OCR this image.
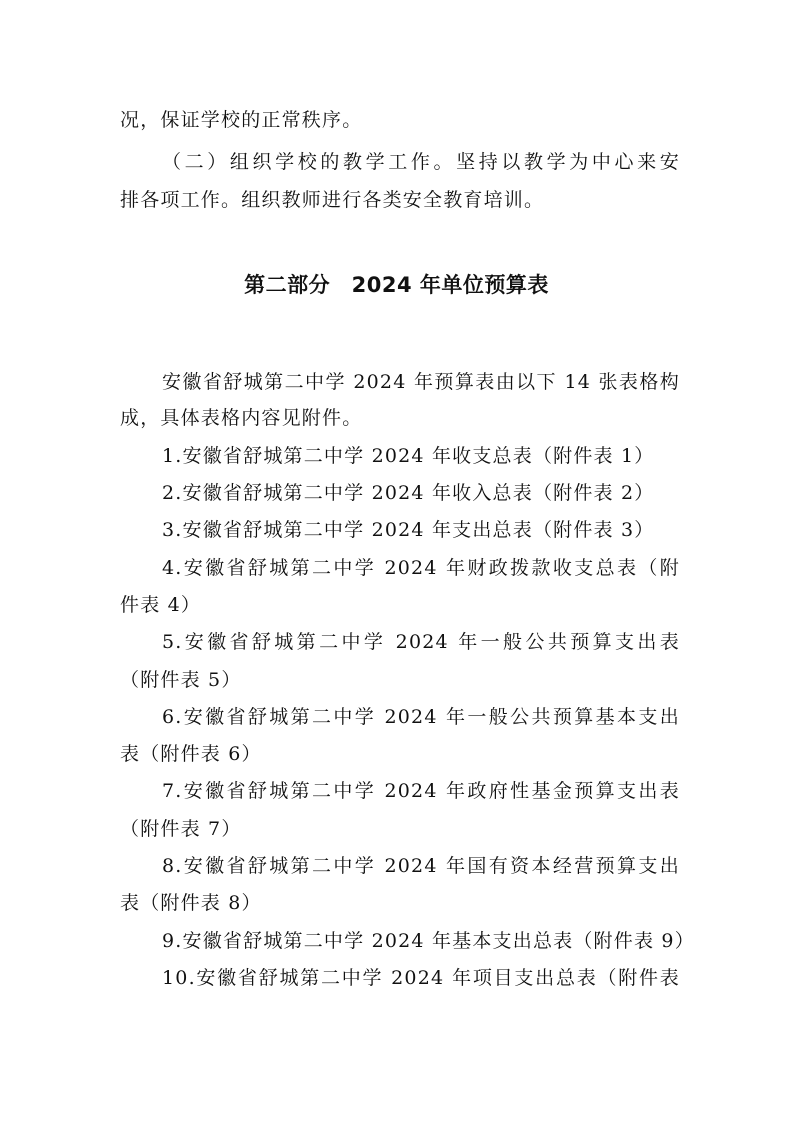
况，保证学校的正常秩序。
（二）组织学校的教学工作。坚持以教学为中心来安
排各项工作。组织教师进行各类安全教育培训。
第二部分　2024 年单位预算表
安徽省舒城第二中学 2024 年预算表由以下 14 张表格构
成，具体表格内容见附件。
1.安徽省舒城第二中学 2024 年收支总表（附件表 1）
2.安徽省舒城第二中学 2024 年收入总表（附件表 2）
3.安徽省舒城第二中学 2024 年支出总表（附件表 3）
4.安徽省舒城第二中学 2024 年财政拨款收支总表（附
件表 4）
5.安徽省舒城第二中学 2024 年一般公共预算支出表
（附件表 5）
6.安徽省舒城第二中学 2024 年一般公共预算基本支出
表（附件表 6）
7.安徽省舒城第二中学 2024 年政府性基金预算支出表
（附件表 7）
8.安徽省舒城第二中学 2024 年国有资本经营预算支出
表（附件表 8）
9.安徽省舒城第二中学 2024 年基本支出总表（附件表 9）
10.安徽省舒城第二中学 2024 年项目支出总表（附件表
